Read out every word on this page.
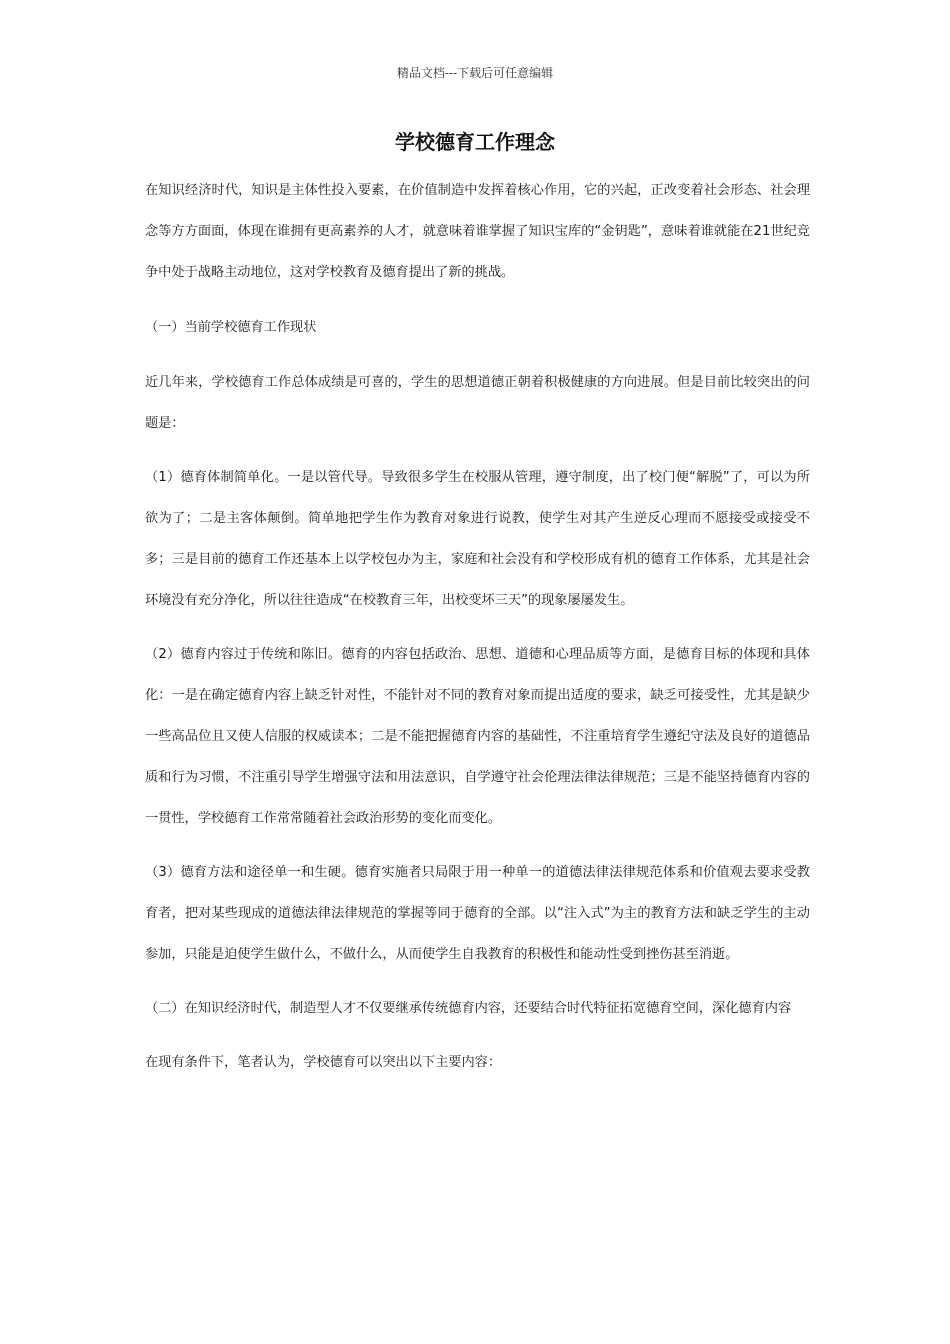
精品文档---下载后可任意编辑
学校德育工作理念

在知识经济时代，知识是主体性投入要素，在价值制造中发挥着核心作用，它的兴起，正改变着社会形态、社会理念等方方面面，体现在谁拥有更高素养的人才，就意味着谁掌握了知识宝库的“金钥匙”，意味着谁就能在21世纪竞争中处于战略主动地位，这对学校教育及德育提出了新的挑战。

（一）当前学校德育工作现状

近几年来，学校德育工作总体成绩是可喜的，学生的思想道德正朝着积极健康的方向进展。但是目前比较突出的问题是：

（1）德育体制简单化。一是以管代导。导致很多学生在校服从管理，遵守制度，出了校门便“解脱”了，可以为所欲为了；二是主客体颠倒。简单地把学生作为教育对象进行说教，使学生对其产生逆反心理而不愿接受或接受不多；三是目前的德育工作还基本上以学校包办为主，家庭和社会没有和学校形成有机的德育工作体系，尤其是社会环境没有充分净化，所以往往造成“在校教育三年，出校变坏三天”的现象屡屡发生。

（2）德育内容过于传统和陈旧。德育的内容包括政治、思想、道德和心理品质等方面，是德育目标的体现和具体化：一是在确定德育内容上缺乏针对性，不能针对不同的教育对象而提出适度的要求，缺乏可接受性，尤其是缺少一些高品位且又使人信服的权威读本；二是不能把握德育内容的基础性，不注重培育学生遵纪守法及良好的道德品质和行为习惯，不注重引导学生增强守法和用法意识，自学遵守社会伦理法律法律规范；三是不能坚持德育内容的一贯性，学校德育工作常常随着社会政治形势的变化而变化。

（3）德育方法和途径单一和生硬。德育实施者只局限于用一种单一的道德法律法律规范体系和价值观去要求受教育者，把对某些现成的道德法律法律规范的掌握等同于德育的全部。以“注入式”为主的教育方法和缺乏学生的主动参加，只能是迫使学生做什么，不做什么，从而使学生自我教育的积极性和能动性受到挫伤甚至消逝。

（二）在知识经济时代，制造型人才不仅要继承传统德育内容，还要结合时代特征拓宽德育空间，深化德育内容

在现有条件下，笔者认为，学校德育可以突出以下主要内容：
